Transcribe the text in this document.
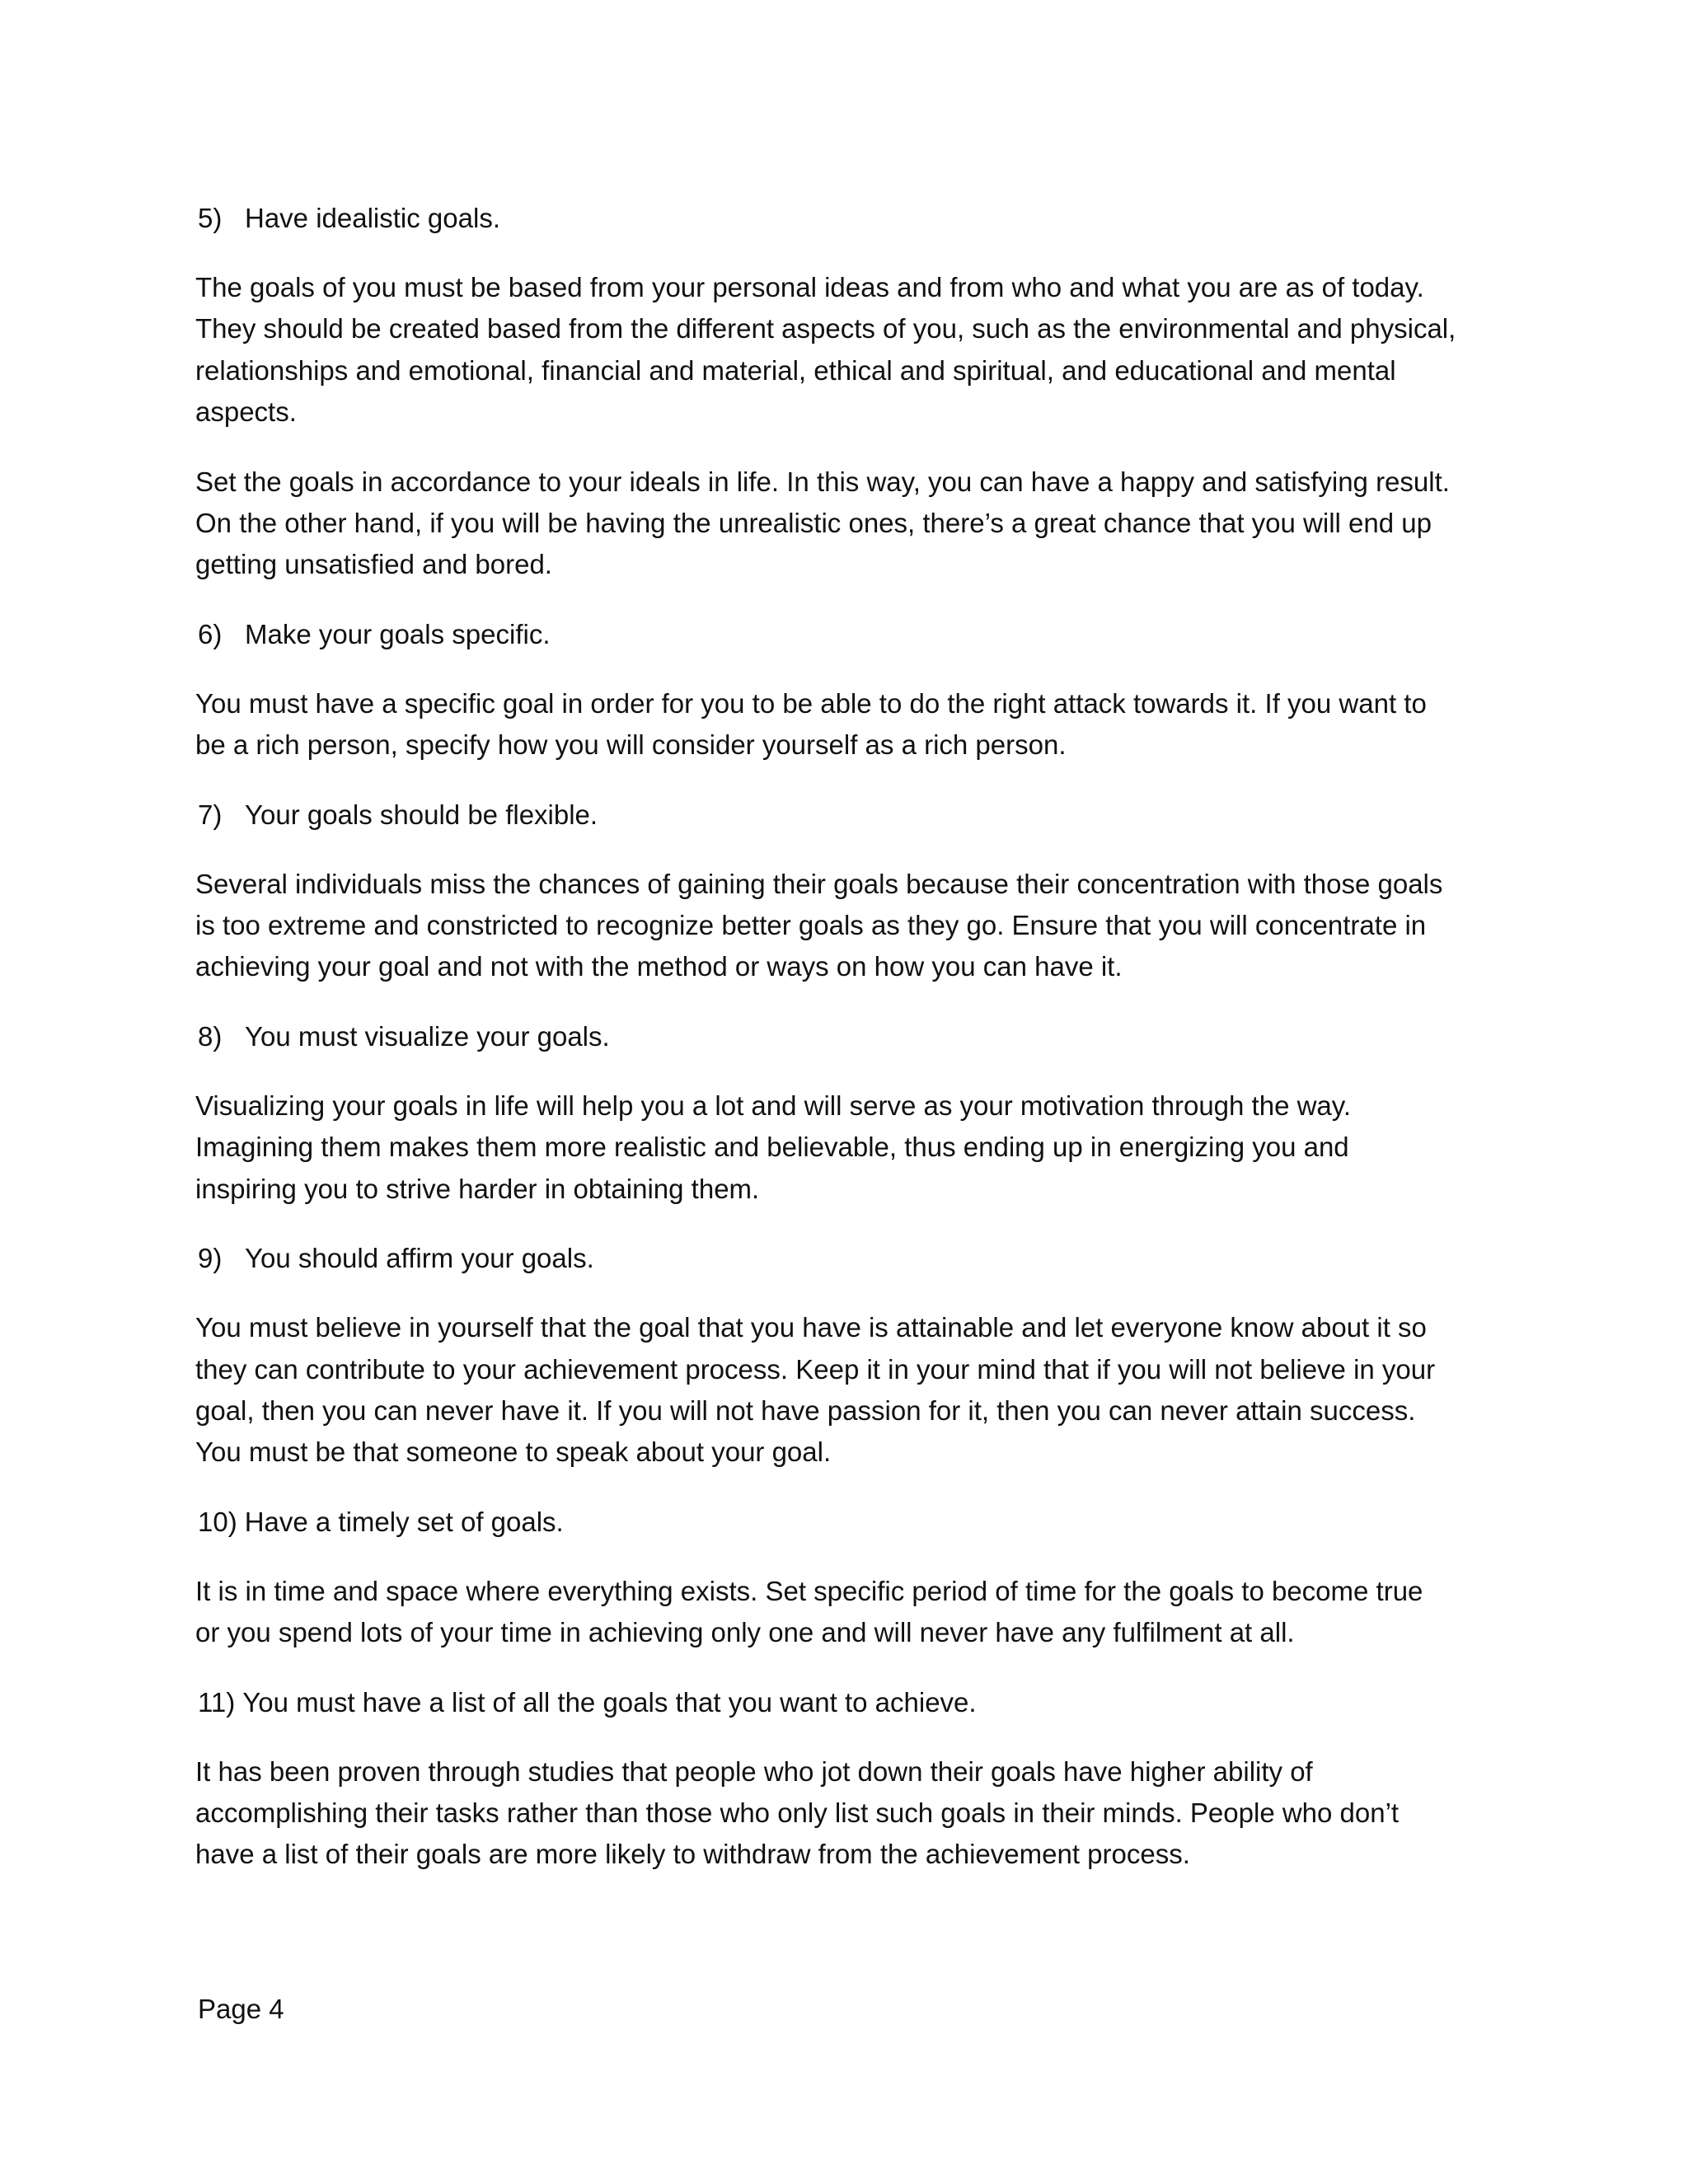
5) Have idealistic goals.
The goals of you must be based from your personal ideas and from who and what you are as of today.
They should be created based from the different aspects of you, such as the environmental and physical,
relationships and emotional, financial and material, ethical and spiritual, and educational and mental
aspects.
Set the goals in accordance to your ideals in life. In this way, you can have a happy and satisfying result.
On the other hand, if you will be having the unrealistic ones, there’s a great chance that you will end up
getting unsatisfied and bored.
6) Make your goals specific.
You must have a specific goal in order for you to be able to do the right attack towards it. If you want to
be a rich person, specify how you will consider yourself as a rich person.
7) Your goals should be flexible.
Several individuals miss the chances of gaining their goals because their concentration with those goals
is too extreme and constricted to recognize better goals as they go. Ensure that you will concentrate in
achieving your goal and not with the method or ways on how you can have it.
8) You must visualize your goals.
Visualizing your goals in life will help you a lot and will serve as your motivation through the way.
Imagining them makes them more realistic and believable, thus ending up in energizing you and
inspiring you to strive harder in obtaining them.
9) You should affirm your goals.
You must believe in yourself that the goal that you have is attainable and let everyone know about it so
they can contribute to your achievement process. Keep it in your mind that if you will not believe in your
goal, then you can never have it. If you will not have passion for it, then you can never attain success.
You must be that someone to speak about your goal.
10) Have a timely set of goals.
It is in time and space where everything exists. Set specific period of time for the goals to become true
or you spend lots of your time in achieving only one and will never have any fulfilment at all.
11) You must have a list of all the goals that you want to achieve.
It has been proven through studies that people who jot down their goals have higher ability of
accomplishing their tasks rather than those who only list such goals in their minds. People who don’t
have a list of their goals are more likely to withdraw from the achievement process.
Page 4
